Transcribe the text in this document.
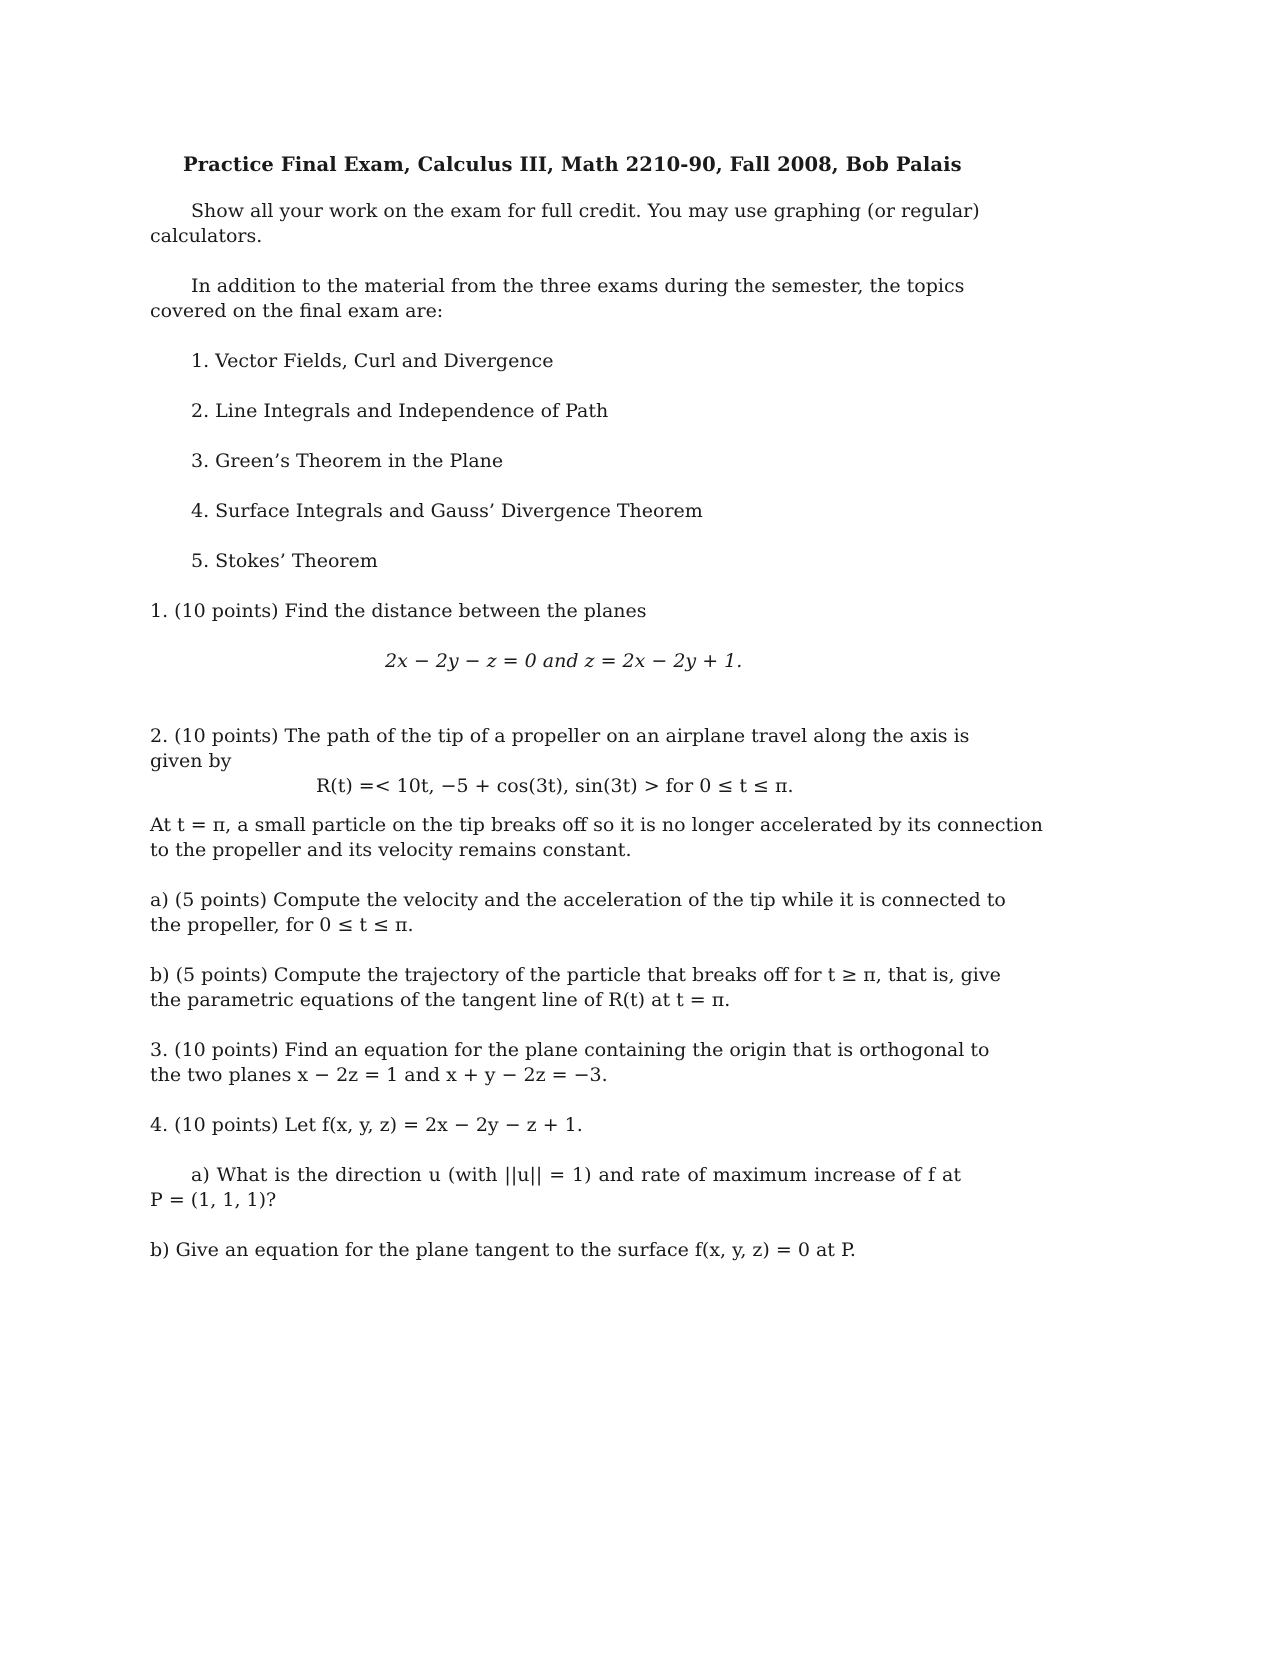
Practice Final Exam, Calculus III, Math 2210-90, Fall 2008, Bob Palais
Show all your work on the exam for full credit. You may use graphing (or regular)
calculators.
In addition to the material from the three exams during the semester, the topics
covered on the final exam are:
1. Vector Fields, Curl and Divergence
2. Line Integrals and Independence of Path
3. Green’s Theorem in the Plane
4. Surface Integrals and Gauss’ Divergence Theorem
5. Stokes’ Theorem
1. (10 points) Find the distance between the planes
2x − 2y − z = 0 and z = 2x − 2y + 1.
2. (10 points) The path of the tip of a propeller on an airplane travel along the axis is
given by
R(t) =< 10t, −5 + cos(3t), sin(3t) > for 0 ≤ t ≤ π.
At t = π, a small particle on the tip breaks off so it is no longer accelerated by its connection
to the propeller and its velocity remains constant.
a) (5 points) Compute the velocity and the acceleration of the tip while it is connected to
the propeller, for 0 ≤ t ≤ π.
b) (5 points) Compute the trajectory of the particle that breaks off for t ≥ π, that is, give
the parametric equations of the tangent line of R(t) at t = π.
3. (10 points) Find an equation for the plane containing the origin that is orthogonal to
the two planes x − 2z = 1 and x + y − 2z = −3.
4. (10 points) Let f(x, y, z) = 2x − 2y − z + 1.
a) What is the direction u (with ||u|| = 1) and rate of maximum increase of f at
P = (1, 1, 1)?
b) Give an equation for the plane tangent to the surface f(x, y, z) = 0 at P.
